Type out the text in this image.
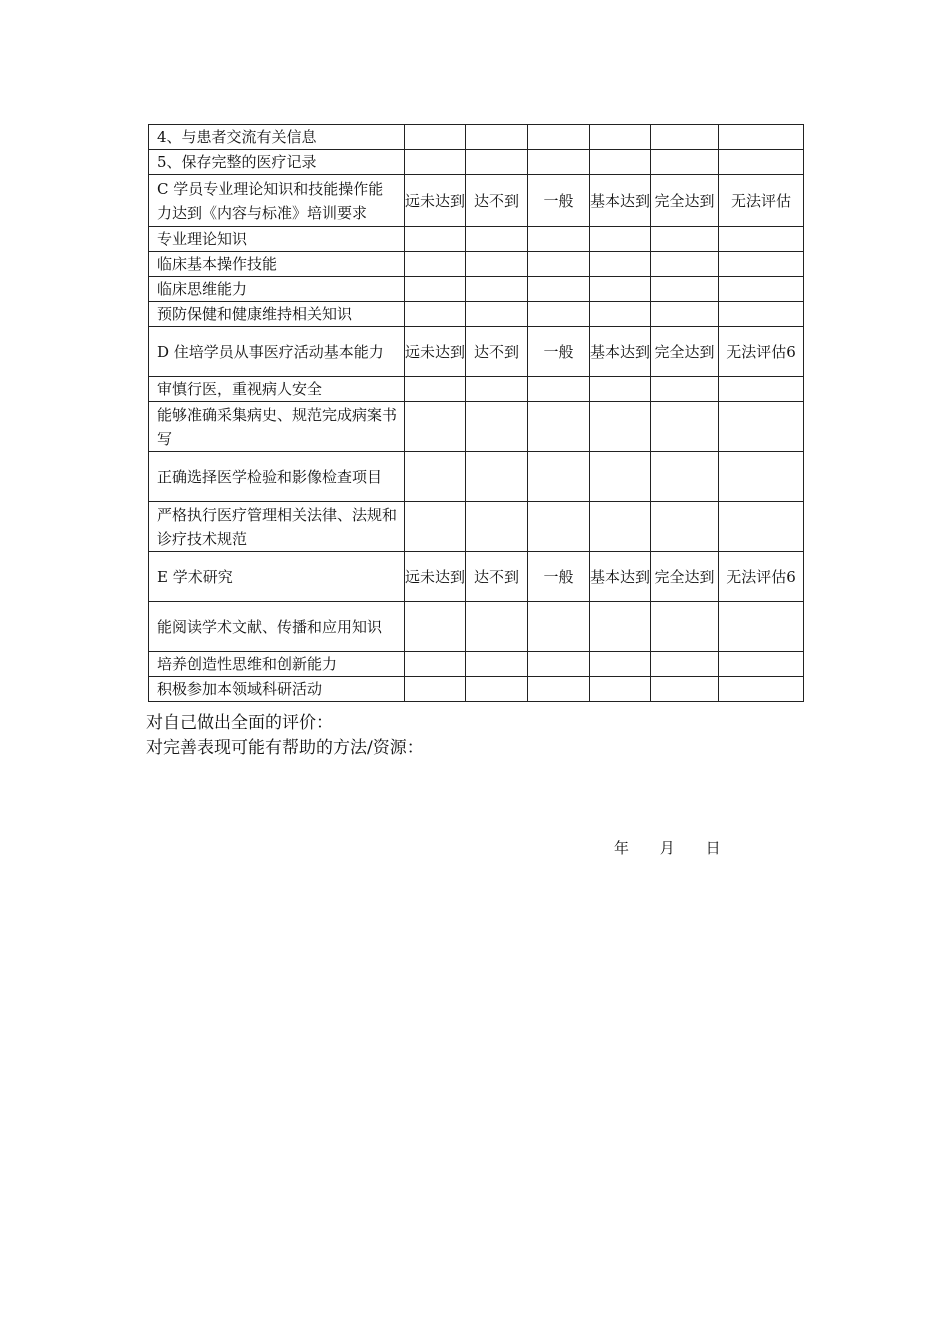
4、与患者交流有关信息						
5、保存完整的医疗记录						
C 学员专业理论知识和技能操作能力达到《内容与标准》培训要求	远未达到	达不到	一般	基本达到	完全达到	无法评估
专业理论知识						
临床基本操作技能						
临床思维能力						
预防保健和健康维持相关知识						
D 住培学员从事医疗活动基本能力	远未达到	达不到	一般	基本达到	完全达到	无法评估6
审慎行医，重视病人安全						
能够准确采集病史、规范完成病案书写						
正确选择医学检验和影像检查项目						
严格执行医疗管理相关法律、法规和诊疗技术规范						
E 学术研究	远未达到	达不到	一般	基本达到	完全达到	无法评估6
能阅读学术文献、传播和应用知识						
培养创造性思维和创新能力						
积极参加本领域科研活动						
对自己做出全面的评价：
对完善表现可能有帮助的方法/资源：
年 月 日
